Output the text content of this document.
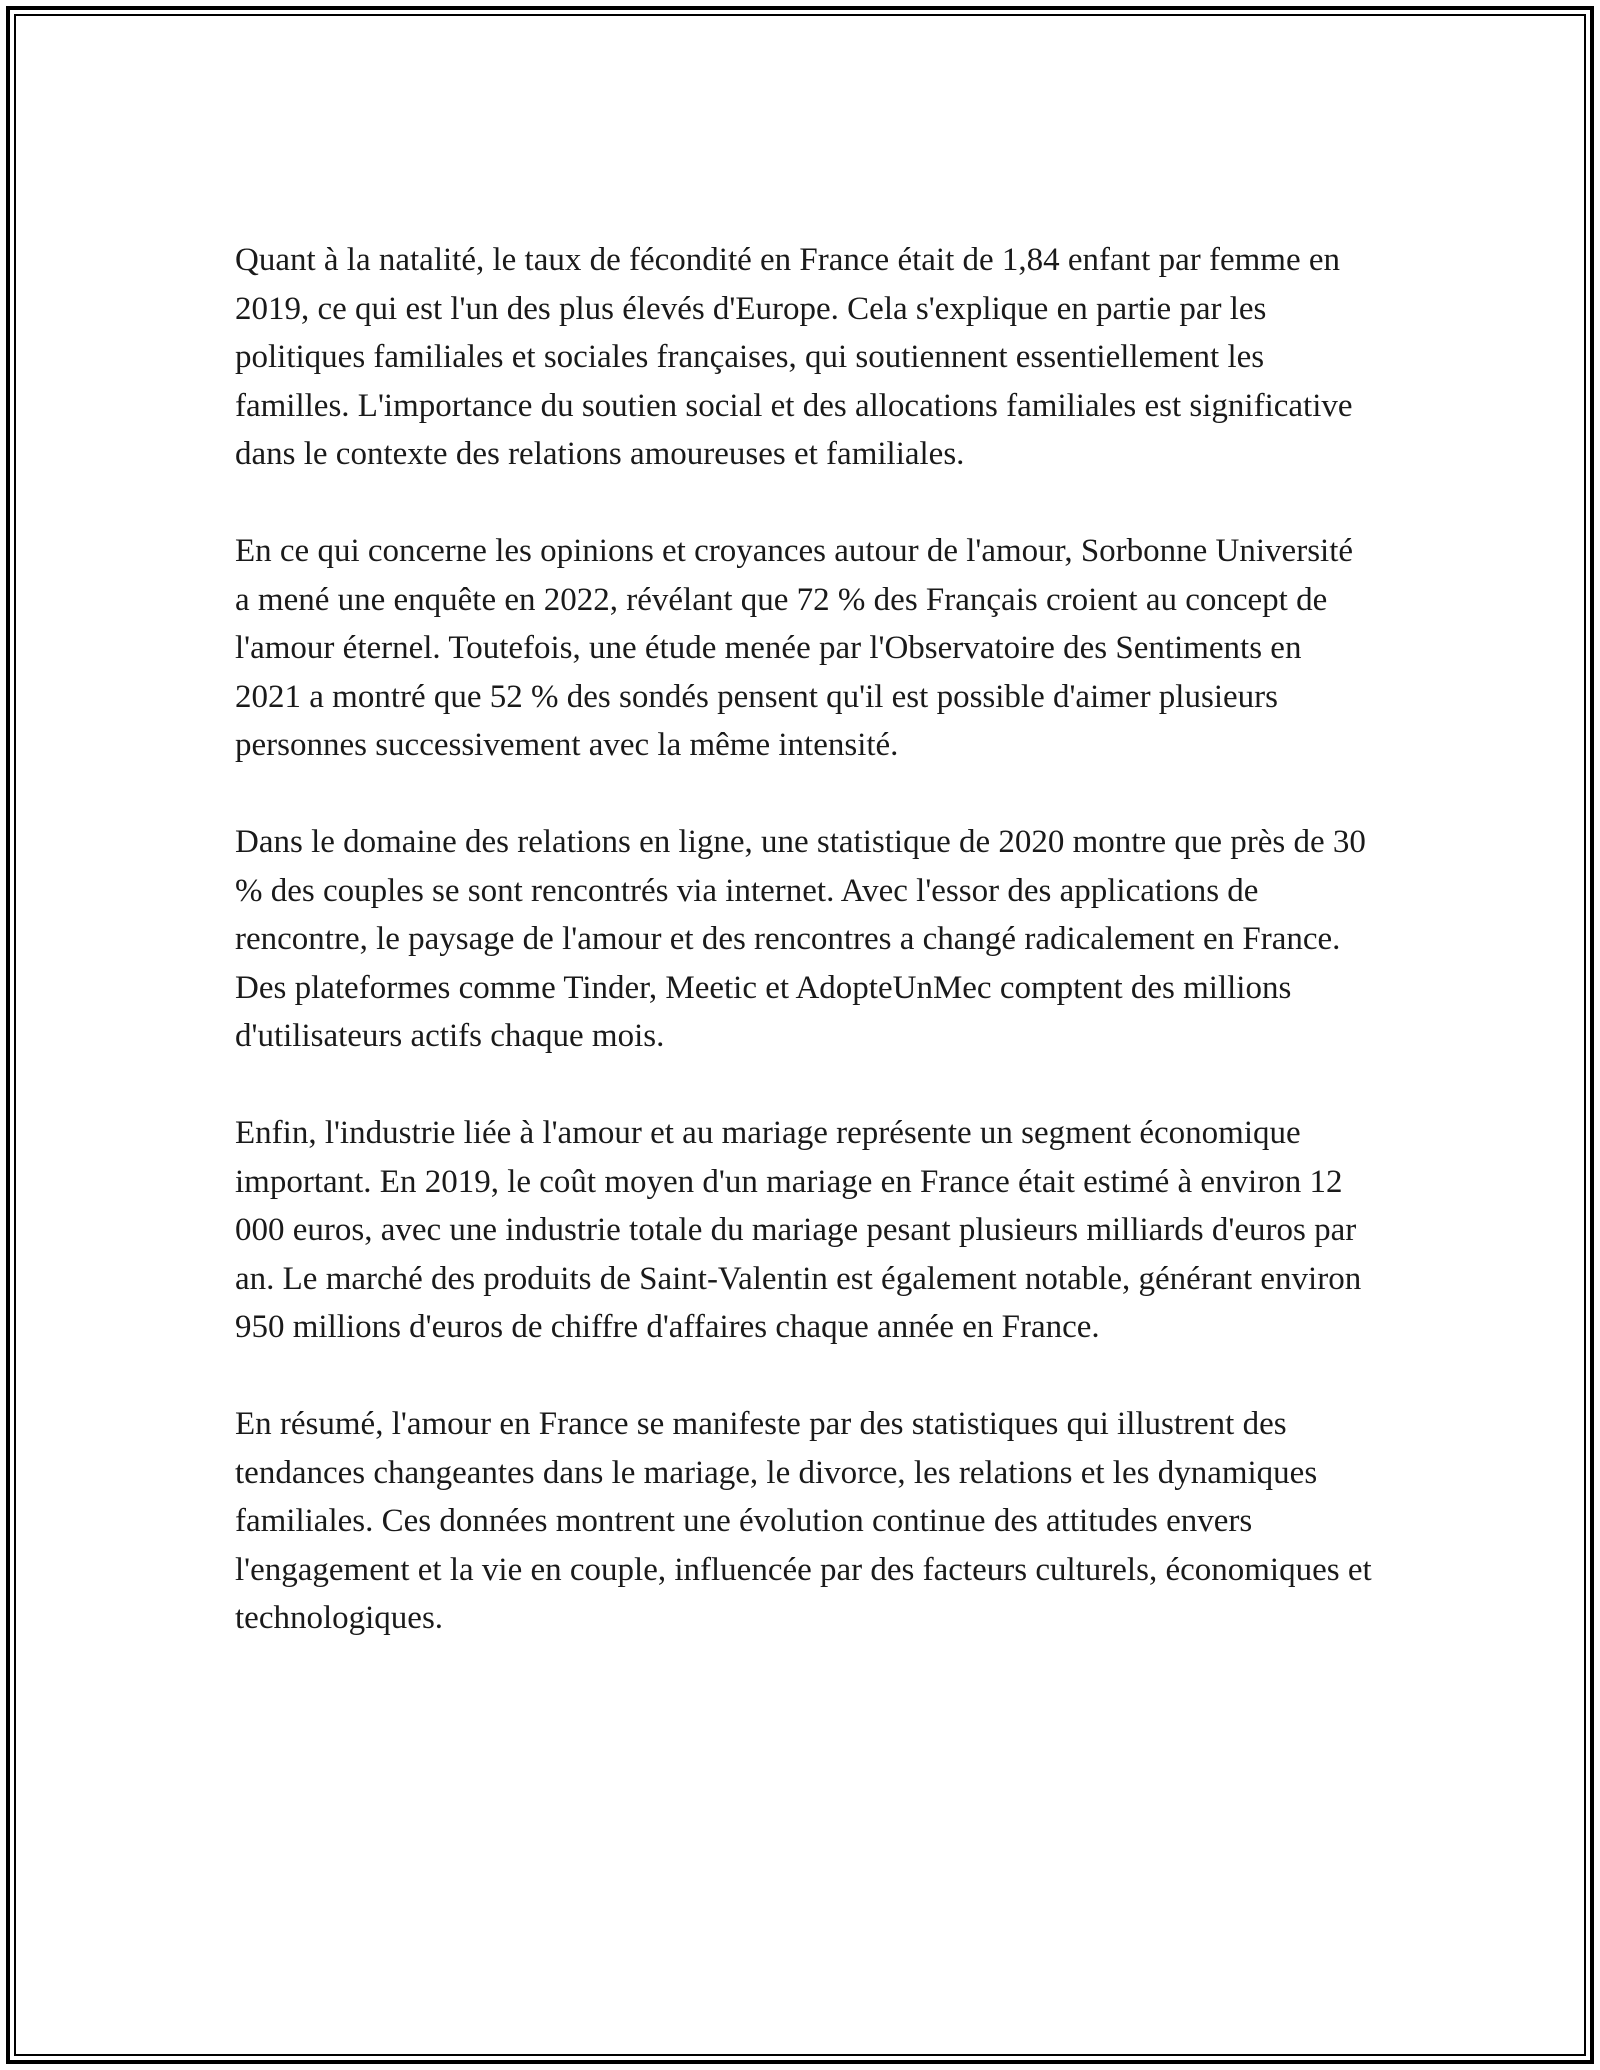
Quant à la natalité, le taux de fécondité en France était de 1,84 enfant par femme en 2019, ce qui est l'un des plus élevés d'Europe. Cela s'explique en partie par les politiques familiales et sociales françaises, qui soutiennent essentiellement les familles. L'importance du soutien social et des allocations familiales est significative dans le contexte des relations amoureuses et familiales.

En ce qui concerne les opinions et croyances autour de l'amour, Sorbonne Université a mené une enquête en 2022, révélant que 72 % des Français croient au concept de l'amour éternel. Toutefois, une étude menée par l'Observatoire des Sentiments en 2021 a montré que 52 % des sondés pensent qu'il est possible d'aimer plusieurs personnes successivement avec la même intensité.

Dans le domaine des relations en ligne, une statistique de 2020 montre que près de 30 % des couples se sont rencontrés via internet. Avec l'essor des applications de rencontre, le paysage de l'amour et des rencontres a changé radicalement en France. Des plateformes comme Tinder, Meetic et AdopteUnMec comptent des millions d'utilisateurs actifs chaque mois.

Enfin, l'industrie liée à l'amour et au mariage représente un segment économique important. En 2019, le coût moyen d'un mariage en France était estimé à environ 12 000 euros, avec une industrie totale du mariage pesant plusieurs milliards d'euros par an. Le marché des produits de Saint-Valentin est également notable, générant environ 950 millions d'euros de chiffre d'affaires chaque année en France.

En résumé, l'amour en France se manifeste par des statistiques qui illustrent des tendances changeantes dans le mariage, le divorce, les relations et les dynamiques familiales. Ces données montrent une évolution continue des attitudes envers l'engagement et la vie en couple, influencée par des facteurs culturels, économiques et technologiques.
